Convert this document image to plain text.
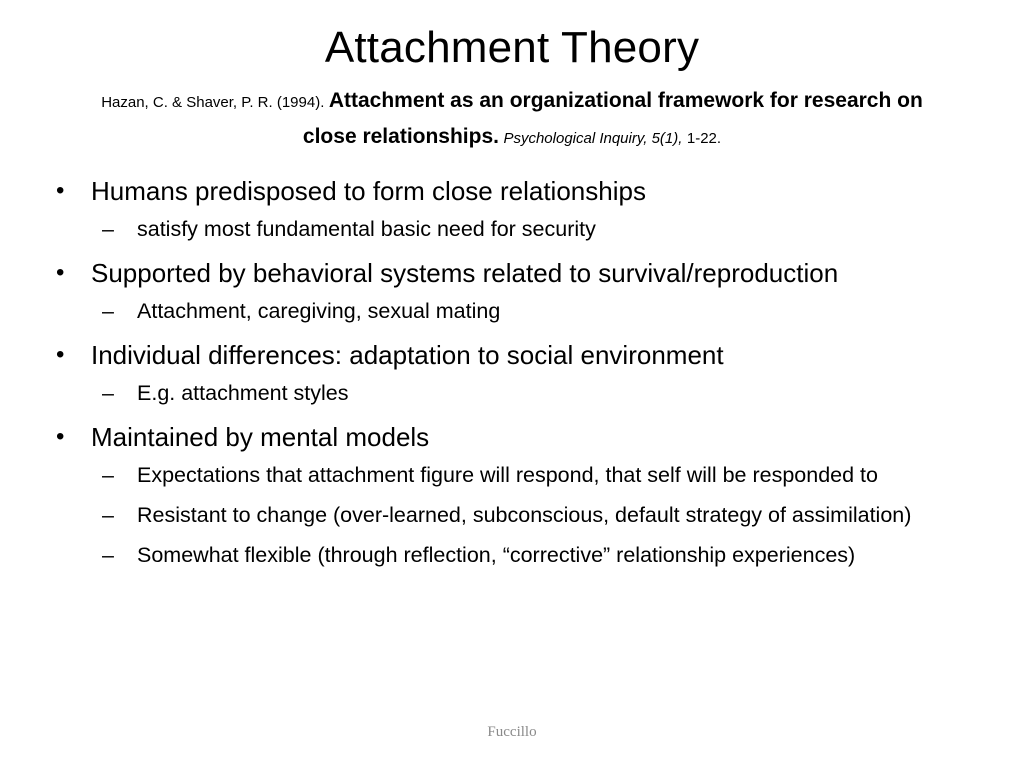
Attachment Theory
Hazan, C. & Shaver, P. R. (1994). Attachment as an organizational framework for research on close relationships. Psychological Inquiry, 5(1), 1-22.
•	Humans predisposed to form close relationships
– satisfy most fundamental basic need for security
•	Supported by behavioral systems related to survival/reproduction
– Attachment, caregiving, sexual mating
•	Individual differences: adaptation to social environment
– E.g. attachment styles
•	Maintained by mental models
– Expectations that attachment figure will respond, that self will be responded to
– Resistant to change (over-learned, subconscious, default strategy of assimilation)
– Somewhat flexible (through reflection, “corrective” relationship experiences)
Fuccillo
